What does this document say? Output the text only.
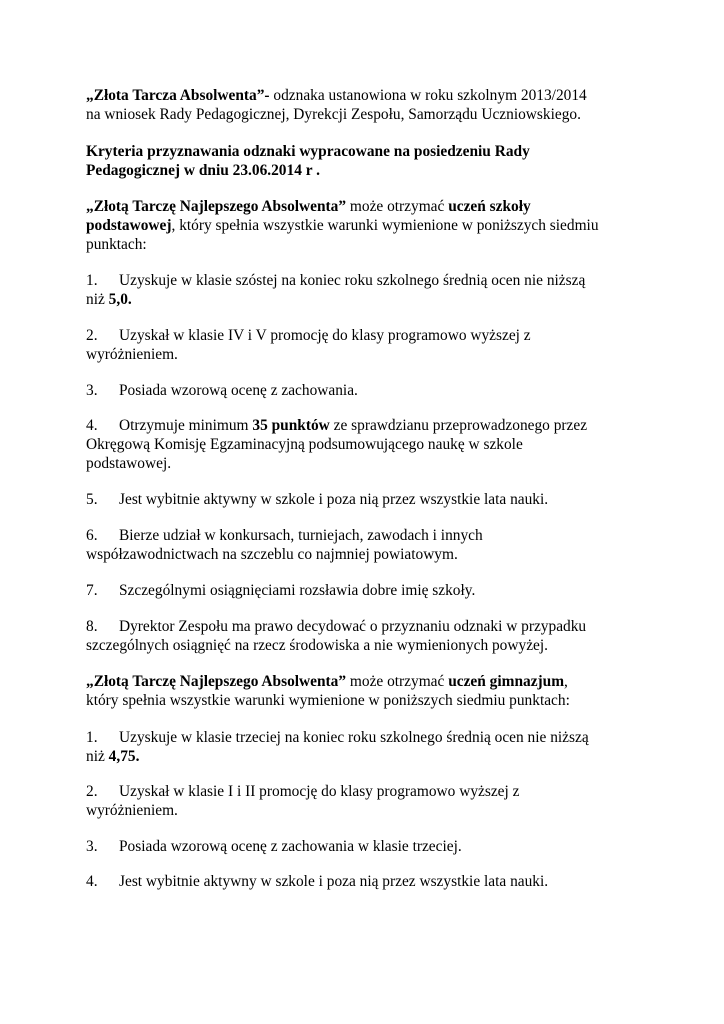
„Złota Tarcza Absolwenta”- odznaka ustanowiona w roku szkolnym 2013/2014
na wniosek Rady Pedagogicznej, Dyrekcji Zespołu, Samorządu Uczniowskiego.

Kryteria przyznawania odznaki wypracowane na posiedzeniu Rady
Pedagogicznej w dniu 23.06.2014 r .

„Złotą Tarczę Najlepszego Absolwenta” może otrzymać uczeń szkoły
podstawowej, który spełnia wszystkie warunki wymienione w poniższych siedmiu
punktach:

1. Uzyskuje w klasie szóstej na koniec roku szkolnego średnią ocen nie niższą
niż 5,0.

2. Uzyskał w klasie IV i V promocję do klasy programowo wyższej z
wyróżnieniem.

3. Posiada wzorową ocenę z zachowania.

4. Otrzymuje minimum 35 punktów ze sprawdzianu przeprowadzonego przez
Okręgową Komisję Egzaminacyjną podsumowującego naukę w szkole
podstawowej.

5. Jest wybitnie aktywny w szkole i poza nią przez wszystkie lata nauki.

6. Bierze udział w konkursach, turniejach, zawodach i innych
współzawodnictwach na szczeblu co najmniej powiatowym.

7. Szczególnymi osiągnięciami rozsławia dobre imię szkoły.

8. Dyrektor Zespołu ma prawo decydować o przyznaniu odznaki w przypadku
szczególnych osiągnięć na rzecz środowiska a nie wymienionych powyżej.

„Złotą Tarczę Najlepszego Absolwenta” może otrzymać uczeń gimnazjum,
który spełnia wszystkie warunki wymienione w poniższych siedmiu punktach:

1. Uzyskuje w klasie trzeciej na koniec roku szkolnego średnią ocen nie niższą
niż 4,75.

2. Uzyskał w klasie I i II promocję do klasy programowo wyższej z
wyróżnieniem.

3. Posiada wzorową ocenę z zachowania w klasie trzeciej.

4. Jest wybitnie aktywny w szkole i poza nią przez wszystkie lata nauki.
